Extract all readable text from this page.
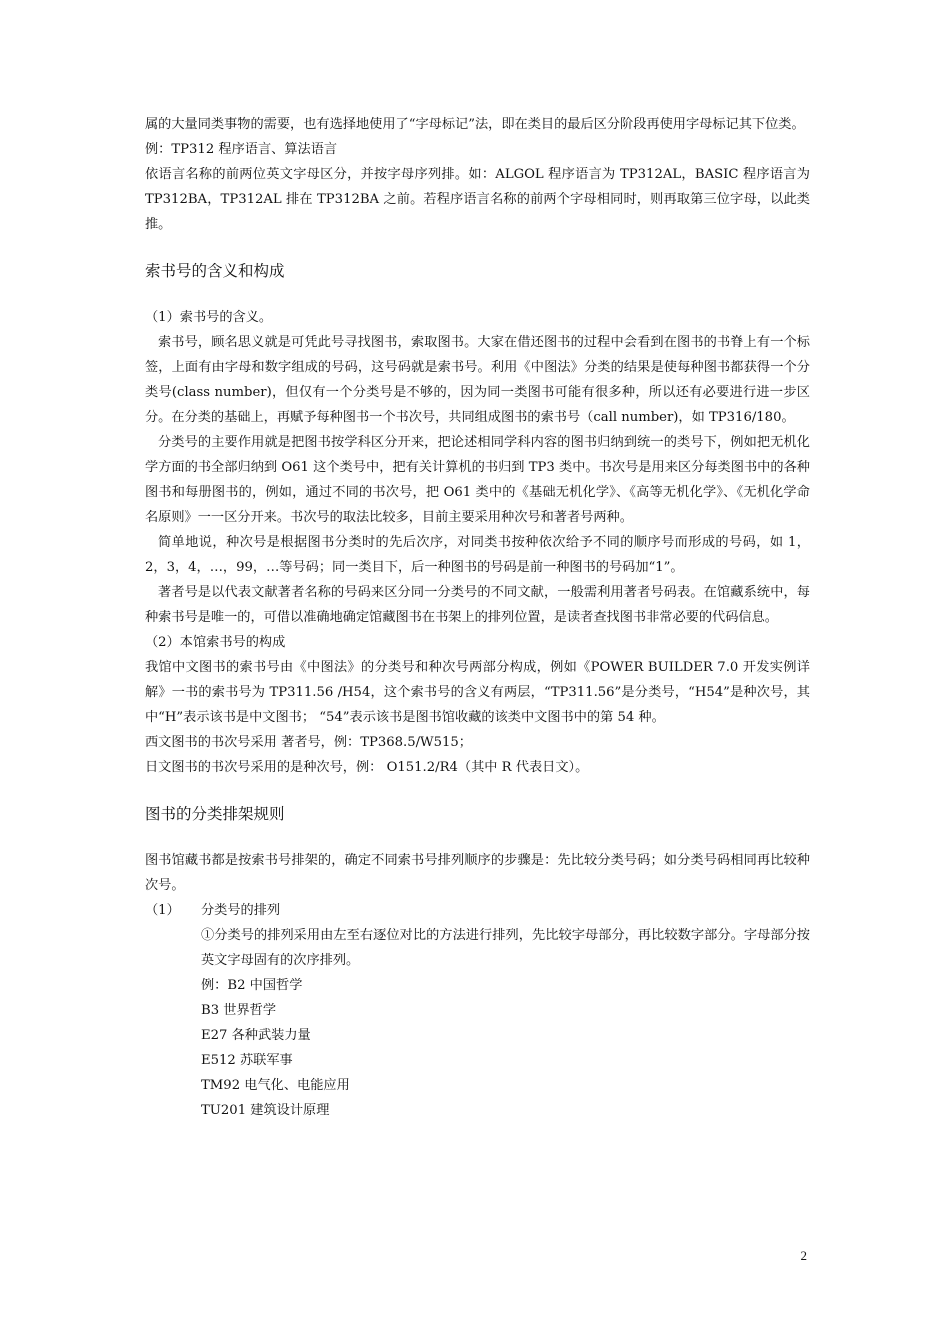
属的大量同类事物的需要，也有选择地使用了“字母标记”法，即在类目的最后区分阶段再使用字母标记其下位类。

例：TP312 程序语言、算法语言

依语言名称的前两位英文字母区分，并按字母序列排。如：ALGOL 程序语言为 TP312AL，BASIC 程序语言为 TP312BA，TP312AL 排在 TP312BA 之前。若程序语言名称的前两个字母相同时，则再取第三位字母，以此类推。

索书号的含义和构成

（1）索书号的含义。

索书号，顾名思义就是可凭此号寻找图书，索取图书。大家在借还图书的过程中会看到在图书的书脊上有一个标签，上面有由字母和数字组成的号码，这号码就是索书号。利用《中图法》分类的结果是使每种图书都获得一个分类号(class number)，但仅有一个分类号是不够的，因为同一类图书可能有很多种，所以还有必要进行进一步区分。在分类的基础上，再赋予每种图书一个书次号，共同组成图书的索书号（call number)，如 TP316/180。

分类号的主要作用就是把图书按学科区分开来，把论述相同学科内容的图书归纳到统一的类号下，例如把无机化学方面的书全部归纳到 O61 这个类号中，把有关计算机的书归到 TP3 类中。书次号是用来区分每类图书中的各种图书和每册图书的，例如，通过不同的书次号，把 O61 类中的《基础无机化学》、《高等无机化学》、《无机化学命名原则》一一区分开来。书次号的取法比较多，目前主要采用种次号和著者号两种。

简单地说，种次号是根据图书分类时的先后次序，对同类书按种依次给予不同的顺序号而形成的号码，如 1，2，3，4，…，99，…等号码；同一类目下，后一种图书的号码是前一种图书的号码加“1”。

著者号是以代表文献著者名称的号码来区分同一分类号的不同文献，一般需利用著者号码表。在馆藏系统中，每种索书号是唯一的，可借以准确地确定馆藏图书在书架上的排列位置，是读者查找图书非常必要的代码信息。

（2）本馆索书号的构成

我馆中文图书的索书号由《中图法》的分类号和种次号两部分构成，例如《POWER BUILDER 7.0 开发实例详解》一书的索书号为 TP311.56 /H54，这个索书号的含义有两层，“TP311.56”是分类号，“H54”是种次号，其中“H”表示该书是中文图书； “54”表示该书是图书馆收藏的该类中文图书中的第 54 种。

西文图书的书次号采用 著者号，例：TP368.5/W515；

日文图书的书次号采用的是种次号，例： O151.2/R4（其中 R 代表日文）。

图书的分类排架规则

图书馆藏书都是按索书号排架的，确定不同索书号排列顺序的步骤是：先比较分类号码；如分类号码相同再比较种次号。

（1）	分类号的排列

①分类号的排列采用由左至右逐位对比的方法进行排列，先比较字母部分，再比较数字部分。字母部分按英文字母固有的次序排列。

例：B2 中国哲学

B3 世界哲学

E27 各种武装力量

E512 苏联军事

TM92 电气化、电能应用

TU201 建筑设计原理

2
